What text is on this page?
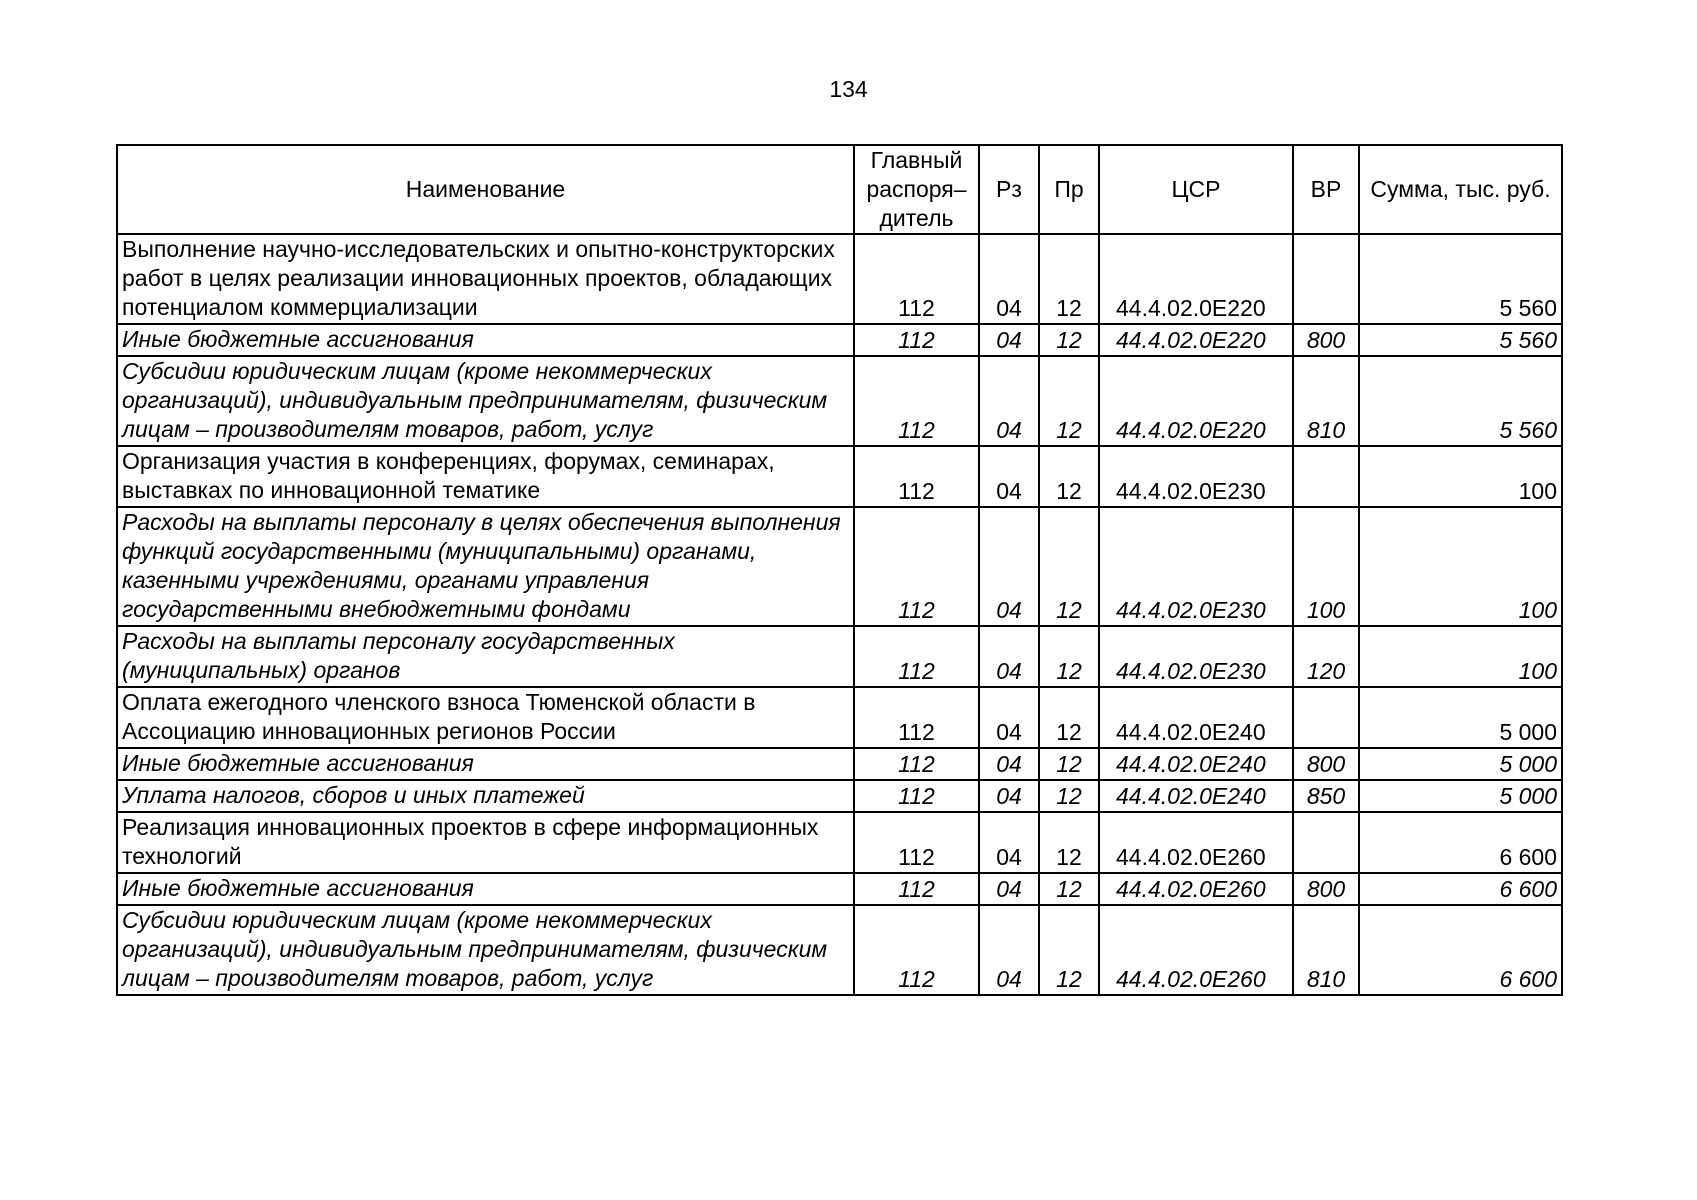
134
Наименование	Главный распоря– дитель	Рз	Пр	ЦСР	ВР	Сумма, тыс. руб.
Выполнение научно-исследовательских и опытно-конструкторских работ в целях реализации инновационных проектов, обладающих потенциалом коммерциализации	112	04	12	44.4.02.0Е220		5 560
Иные бюджетные ассигнования	112	04	12	44.4.02.0Е220	800	5 560
Субсидии юридическим лицам (кроме некоммерческих организаций), индивидуальным предпринимателям, физическим лицам – производителям товаров, работ, услуг	112	04	12	44.4.02.0Е220	810	5 560
Организация участия в конференциях, форумах, семинарах, выставках по инновационной тематике	112	04	12	44.4.02.0Е230		100
Расходы на выплаты персоналу в целях обеспечения выполнения функций государственными (муниципальными) органами, казенными учреждениями, органами управления государственными внебюджетными фондами	112	04	12	44.4.02.0Е230	100	100
Расходы на выплаты персоналу государственных (муниципальных) органов	112	04	12	44.4.02.0Е230	120	100
Оплата ежегодного членского взноса Тюменской области в Ассоциацию инновационных регионов России	112	04	12	44.4.02.0Е240		5 000
Иные бюджетные ассигнования	112	04	12	44.4.02.0Е240	800	5 000
Уплата налогов, сборов и иных платежей	112	04	12	44.4.02.0Е240	850	5 000
Реализация инновационных проектов в сфере информационных технологий	112	04	12	44.4.02.0Е260		6 600
Иные бюджетные ассигнования	112	04	12	44.4.02.0Е260	800	6 600
Субсидии юридическим лицам (кроме некоммерческих организаций), индивидуальным предпринимателям, физическим лицам – производителям товаров, работ, услуг	112	04	12	44.4.02.0Е260	810	6 600
